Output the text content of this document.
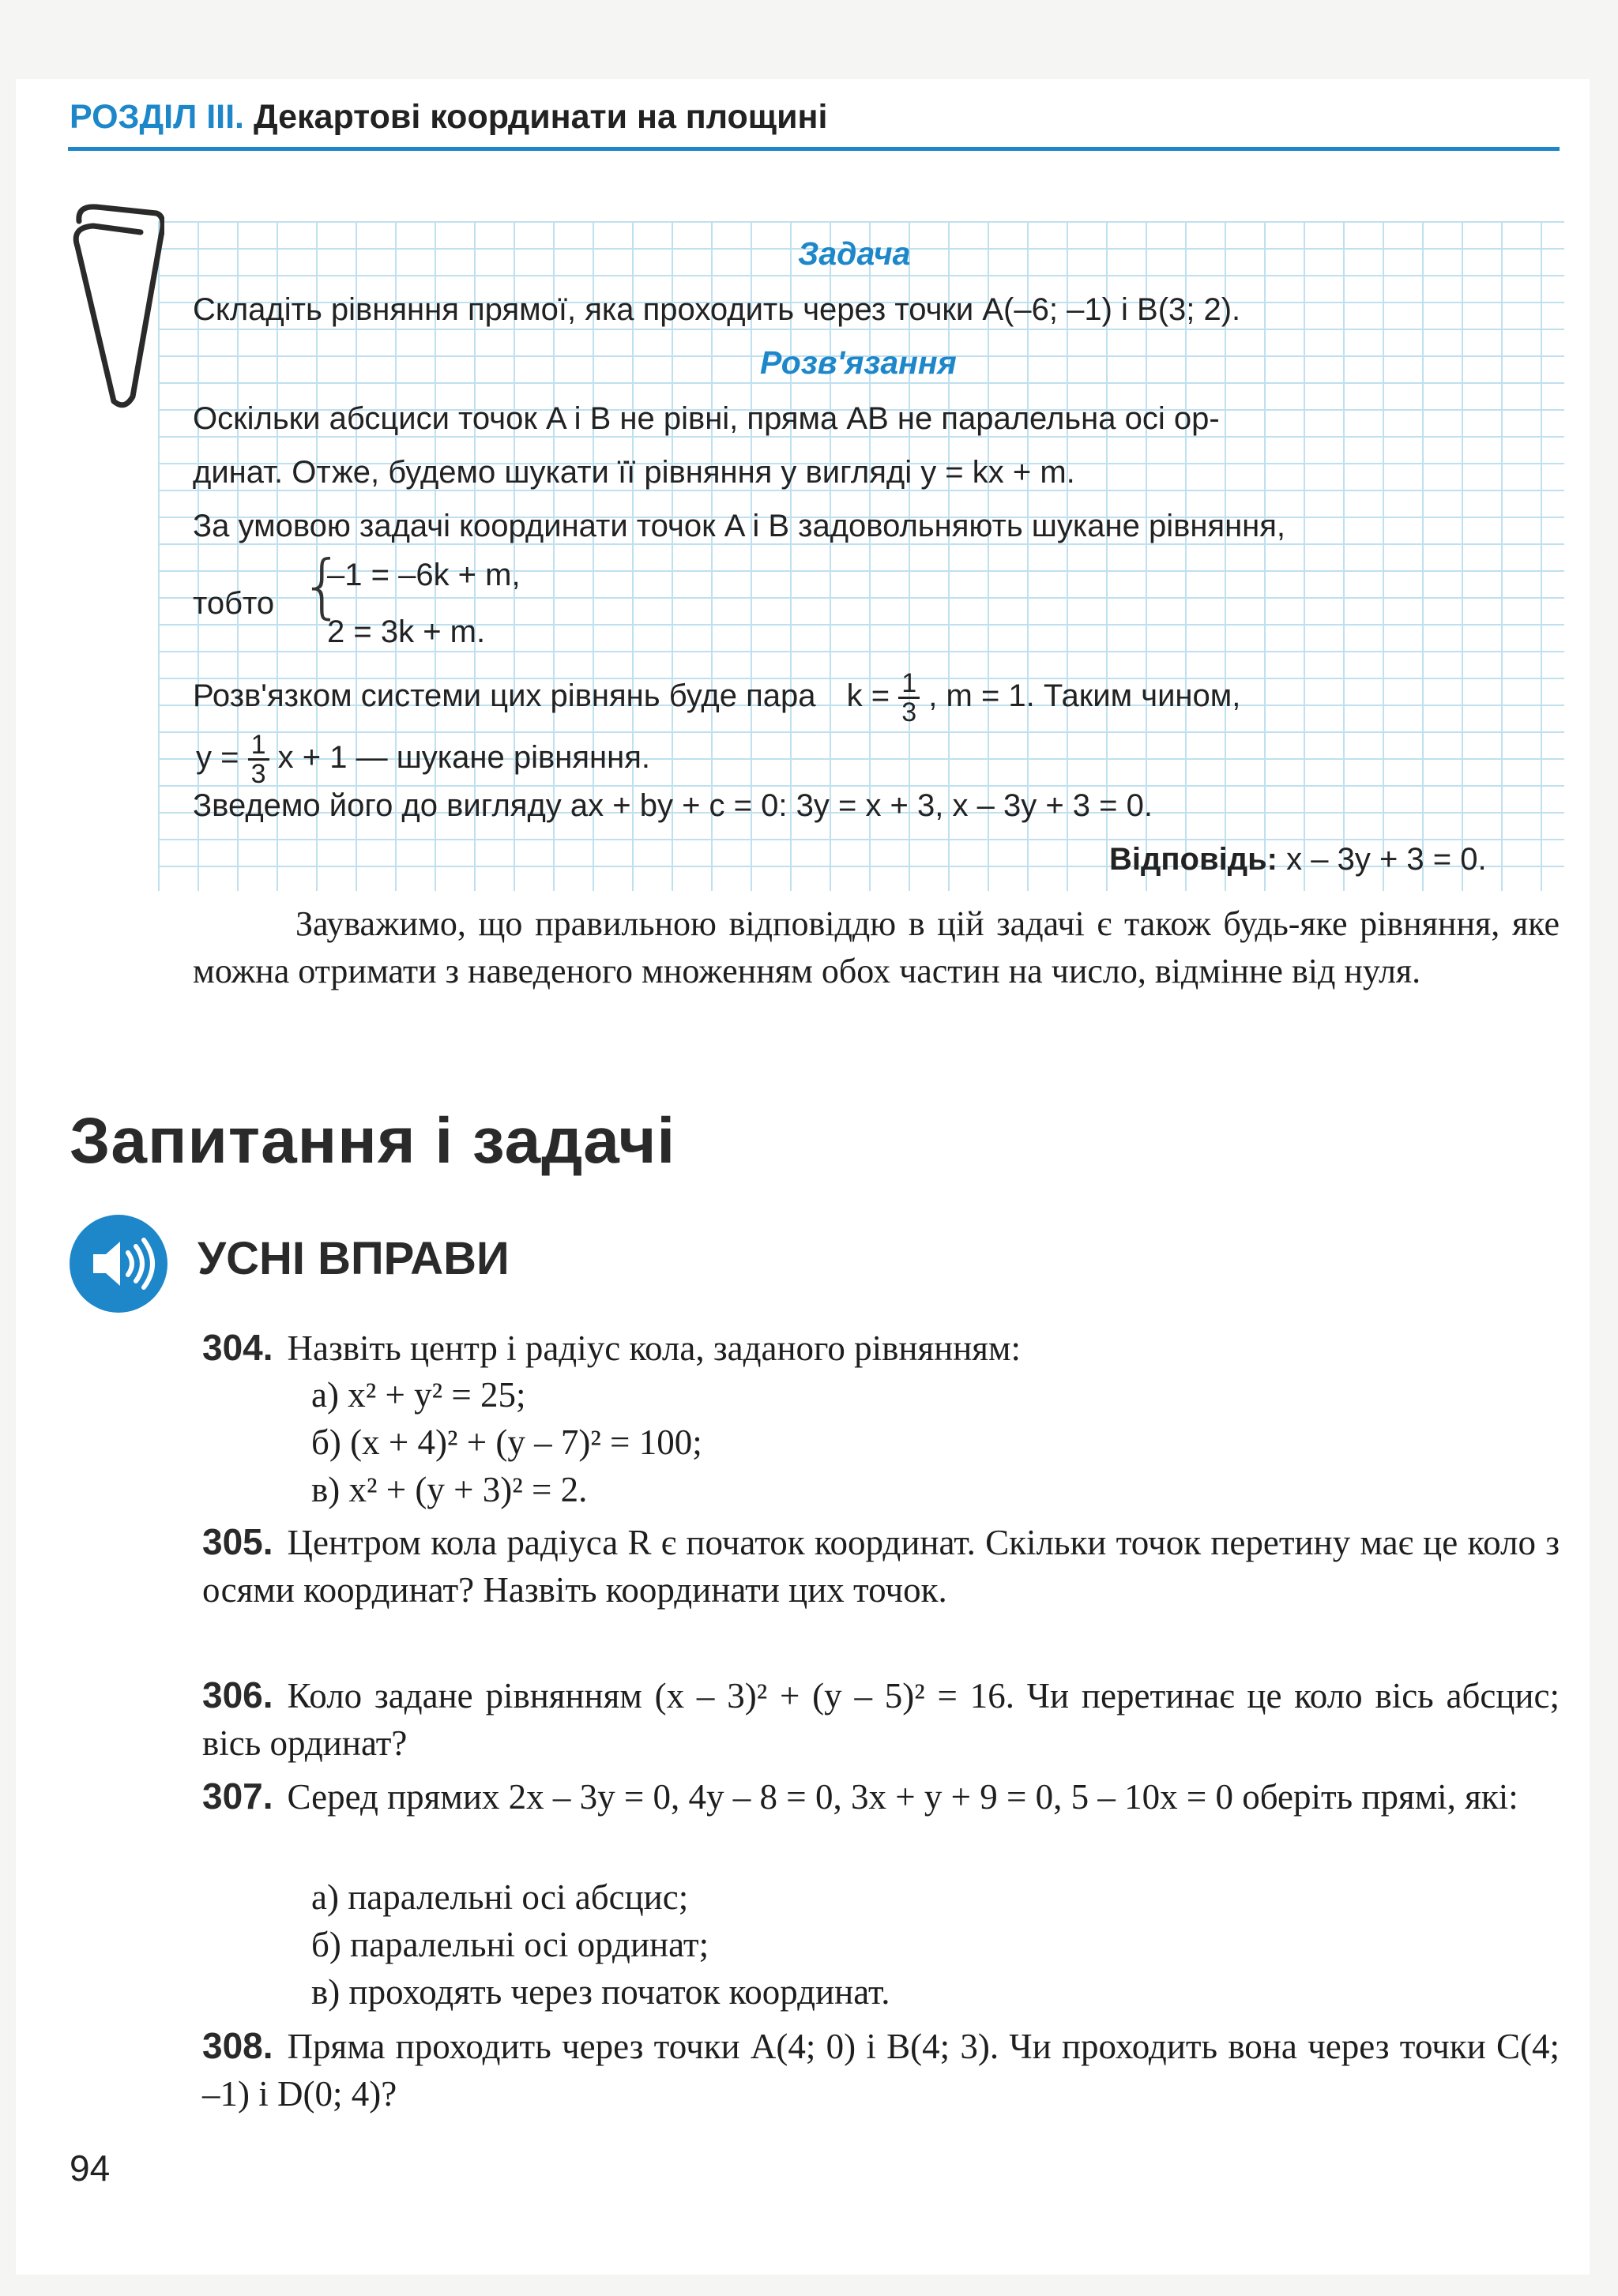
РОЗДІЛ ІІІ. Декартові координати на площині
Задача
Складіть рівняння прямої, яка проходить через точки A(–6; –1) і B(3; 2).
Розв'язання
Оскільки абсциси точок A і B не рівні, пряма AB не паралельна осі ор-
динат. Отже, будемо шукати її рівняння у вигляді y = kx + m.
За умовою задачі координати точок A і B задовольняють шукане рівняння,
тобто {
–1 = –6k + m,
2 = 3k + m.
Розв'язком системи цих рівнянь буде пара $k = \frac{1}{3}$ , m = 1. Таким чином,
$y = \frac{1}{3}$ x + 1 — шукане рівняння.
Зведемо його до вигляду ax + by + c = 0: 3y = x + 3, x – 3y + 3 = 0.
Відповідь: x – 3y + 3 = 0.
Зауважимо, що правильною відповіддю в цій задачі є також будь-яке рівняння, яке можна отримати з наведеного множенням обох частин на число, відмінне від нуля.
Запитання і задачі
УСНІ ВПРАВИ
304. Назвіть центр і радіус кола, заданого рівнянням:
а) x² + y² = 25;
б) (x + 4)² + (y – 7)² = 100;
в) x² + (y + 3)² = 2.
305. Центром кола радіуса R є початок координат. Скільки точок перетину має це коло з осями координат? Назвіть координати цих точок.
306. Коло задане рівнянням (x – 3)² + (y – 5)² = 16. Чи перетинає це коло вісь абсцис; вісь ординат?
307. Серед прямих 2x – 3y = 0, 4y – 8 = 0, 3x + y + 9 = 0, 5 – 10x = 0 оберіть прямі, які:
а) паралельні осі абсцис;
б) паралельні осі ординат;
в) проходять через початок координат.
308. Пряма проходить через точки A(4; 0) і B(4; 3). Чи проходить вона через точки C(4; –1) і D(0; 4)?
94
